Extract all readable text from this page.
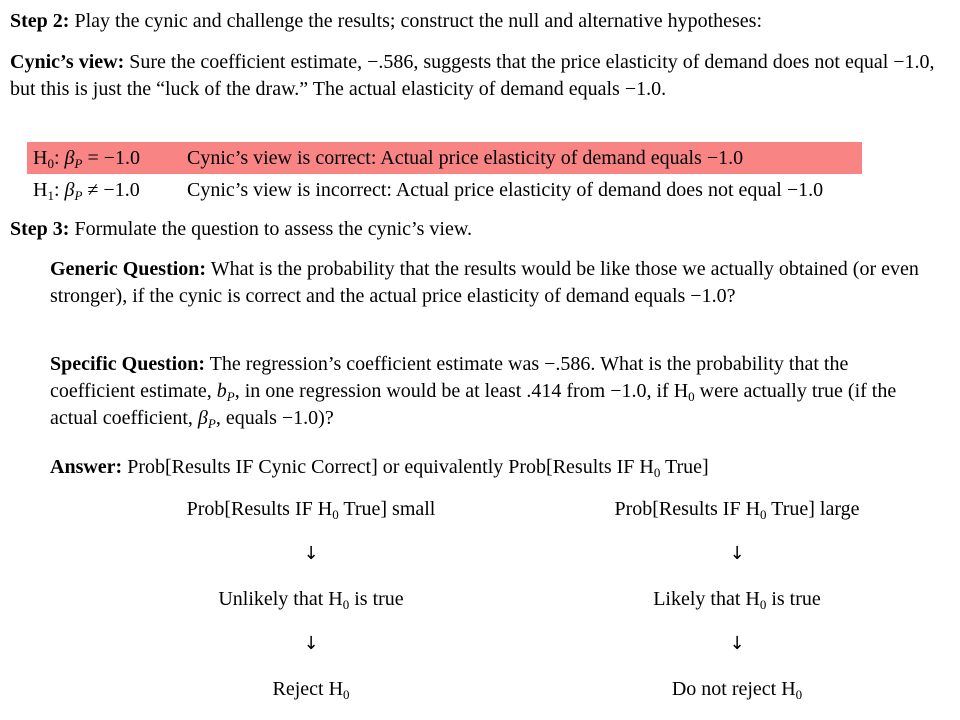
Step 2: Play the cynic and challenge the results; construct the null and alternative hypotheses:

Cynic’s view: Sure the coefficient estimate, −.586, suggests that the price elasticity of demand does not equal −1.0, but this is just the “luck of the draw.” The actual elasticity of demand equals −1.0.

$H_0$: $\beta_P = -1.0$ Cynic’s view is correct: Actual price elasticity of demand equals −1.0
$H_1$: $\beta_P \ne -1.0$ Cynic’s view is incorrect: Actual price elasticity of demand does not equal −1.0

Step 3: Formulate the question to assess the cynic’s view.

Generic Question: What is the probability that the results would be like those we actually obtained (or even stronger), if the cynic is correct and the actual price elasticity of demand equals −1.0?

Specific Question: The regression’s coefficient estimate was −.586. What is the probability that the coefficient estimate, $b_P$, in one regression would be at least .414 from −1.0, if $H_0$ were actually true (if the actual coefficient, $\beta_P$, equals −1.0)?

Answer: Prob[Results IF Cynic Correct] or equivalently Prob[Results IF $H_0$ True]

Prob[Results IF $H_0$ True] small
↓
Unlikely that $H_0$ is true
↓
Reject $H_0$
Prob[Results IF $H_0$ True] large
↓
Likely that $H_0$ is true
↓
Do not reject $H_0$
